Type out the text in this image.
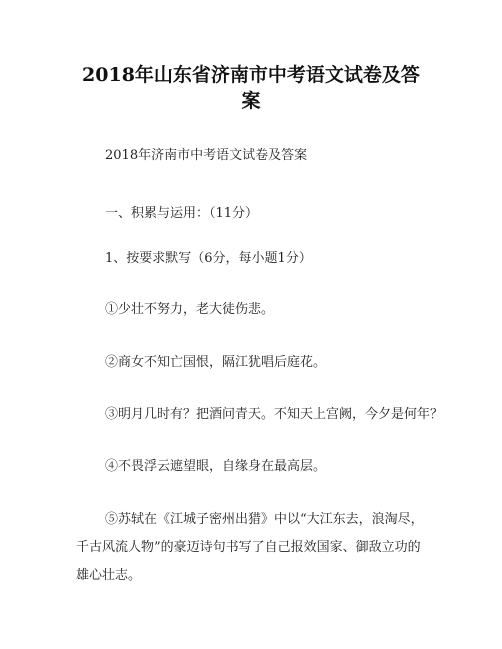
2018年山东省济南市中考语文试卷及答
案

2018年济南市中考语文试卷及答案

一、积累与运用：（11分）

1、按要求默写（6分，每小题1分）

①少壮不努力，老大徒伤悲。

②商女不知亡国恨，隔江犹唱后庭花。

③明月几时有？把酒问青天。不知天上宫阙，今夕是何年？

④不畏浮云遮望眼，自缘身在最高层。

⑤苏轼在《江城子密州出猎》中以“大江东去，浪淘尽，

千古风流人物”的豪迈诗句书写了自己报效国家、御敌立功的

雄心壮志。
